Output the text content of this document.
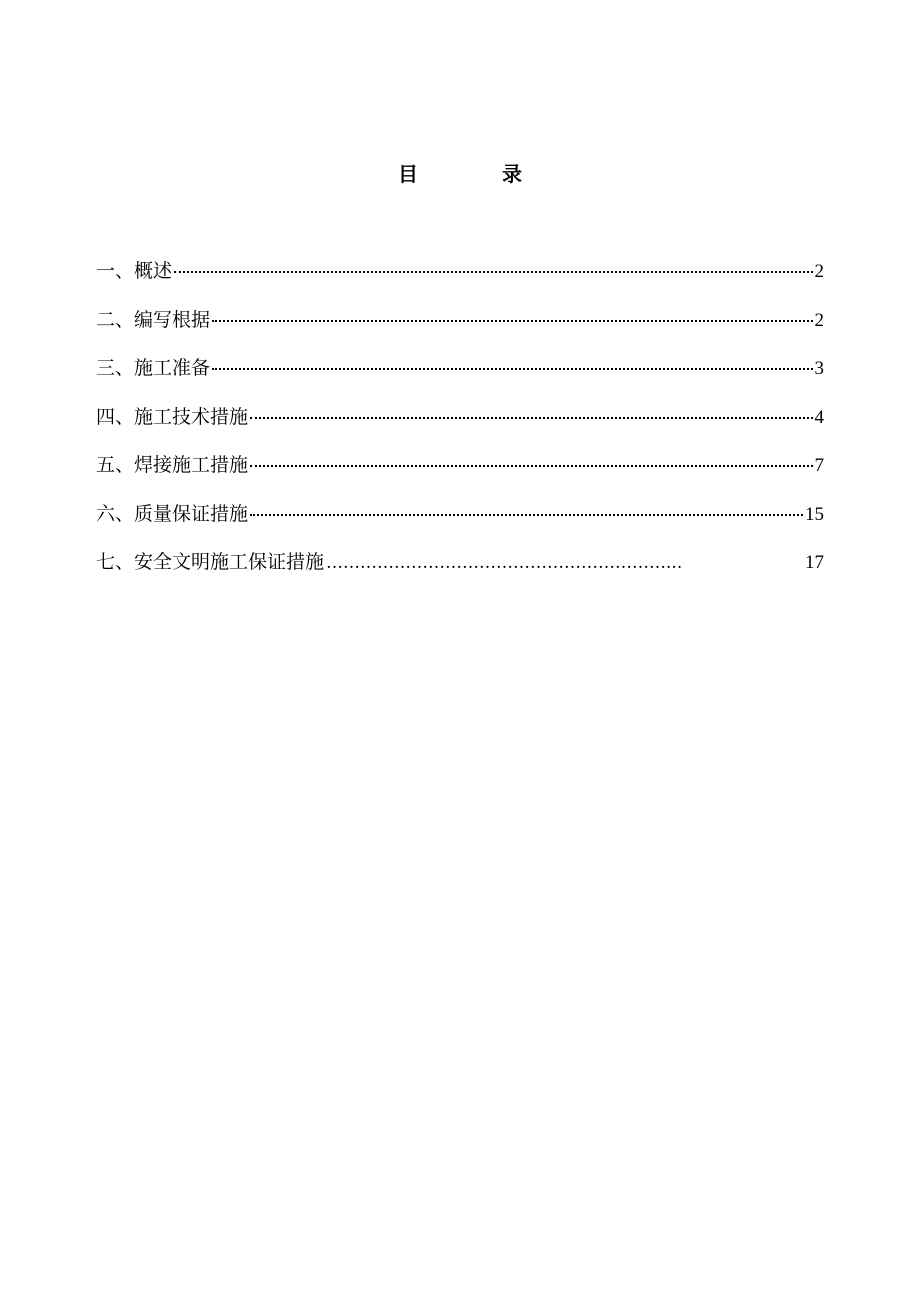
目　录
一、概述	2
二、编写根据	2
三、施工准备	3
四、施工技术措施	4
五、焊接施工措施	7
六、质量保证措施	15
七、安全文明施工保证措施 ……………………………………………………...	17
